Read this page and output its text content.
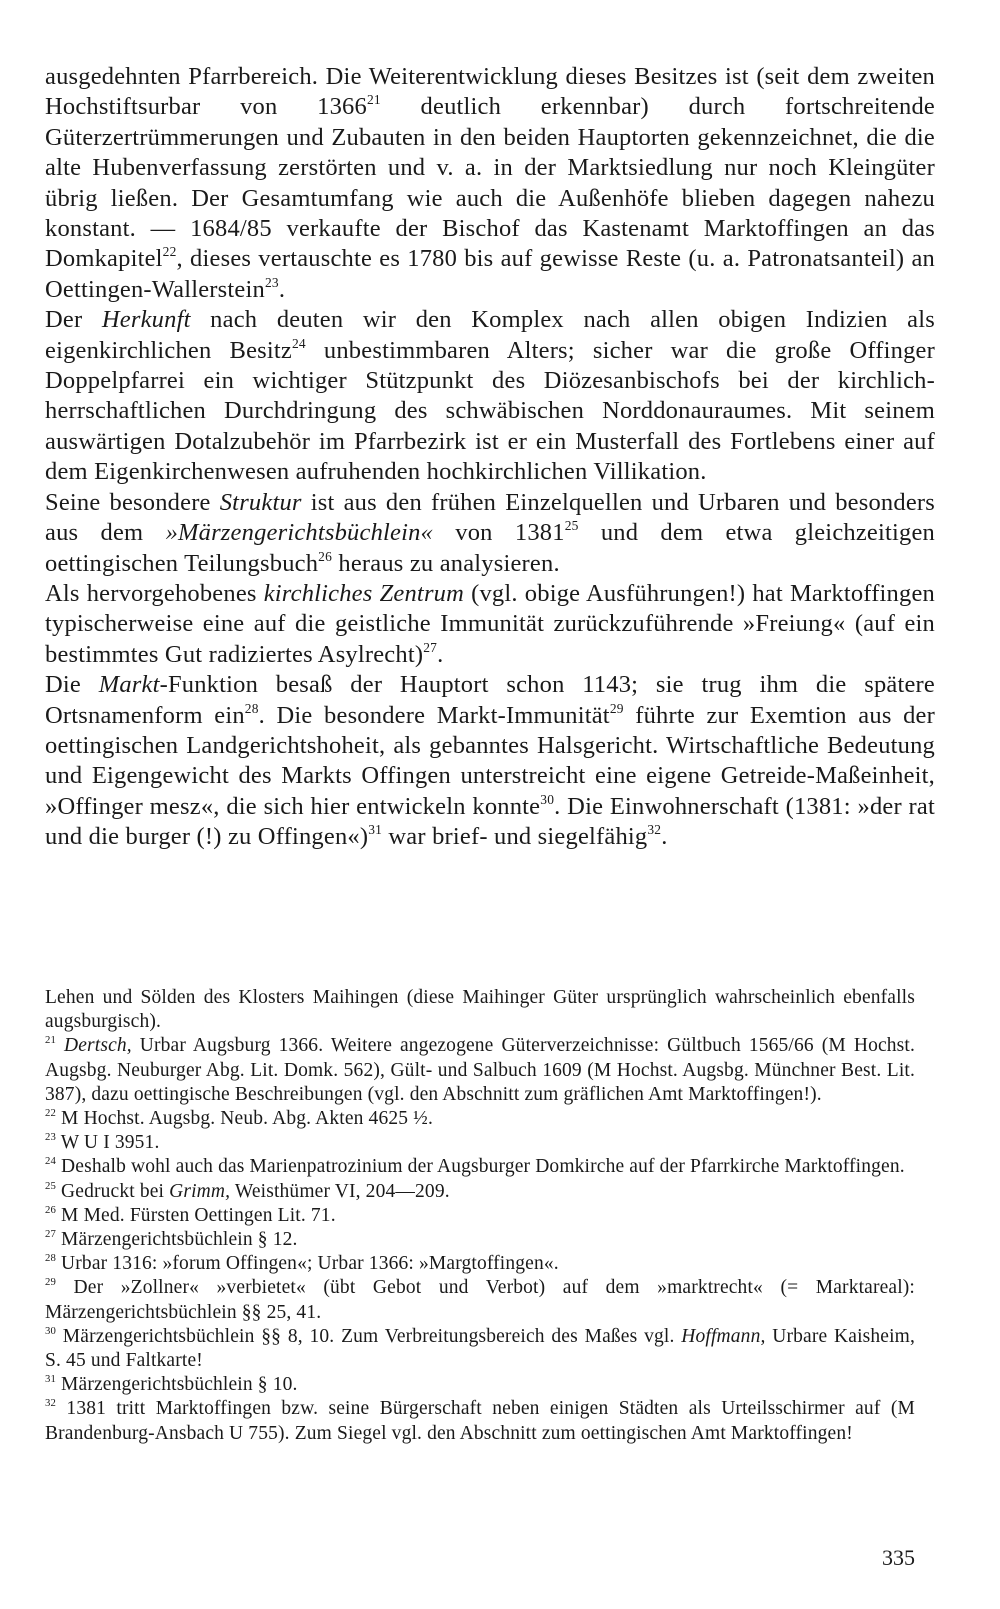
ausgedehnten Pfarrbereich. Die Weiterentwicklung dieses Besitzes ist (seit dem zweiten Hochstiftsurbar von 1366$^{21}$ deutlich erkennbar) durch fortschreitende Güterzertrümmerungen und Zubauten in den beiden Hauptorten gekennzeichnet, die die alte Hubenverfassung zerstörten und v. a. in der Marktsiedlung nur noch Kleingüter übrig ließen. Der Gesamtumfang wie auch die Außenhöfe blieben dagegen nahezu konstant. — 1684/85 verkaufte der Bischof das Kastenamt Marktoffingen an das Domkapitel$^{22}$, dieses vertauschte es 1780 bis auf gewisse Reste (u. a. Patronatsanteil) an Oettingen-Wallerstein$^{23}$.

Der Herkunft nach deuten wir den Komplex nach allen obigen Indizien als eigenkirchlichen Besitz$^{24}$ unbestimmbaren Alters; sicher war die große Offinger Doppelpfarrei ein wichtiger Stützpunkt des Diözesanbischofs bei der kirchlich-herrschaftlichen Durchdringung des schwäbischen Norddonauraumes. Mit seinem auswärtigen Dotalzubehör im Pfarrbezirk ist er ein Musterfall des Fortlebens einer auf dem Eigenkirchenwesen aufruhenden hochkirchlichen Villikation.

Seine besondere Struktur ist aus den frühen Einzelquellen und Urbaren und besonders aus dem »Märzengerichtsbüchlein« von 1381$^{25}$ und dem etwa gleichzeitigen oettingischen Teilungsbuch$^{26}$ heraus zu analysieren.

Als hervorgehobenes kirchliches Zentrum (vgl. obige Ausführungen!) hat Marktoffingen typischerweise eine auf die geistliche Immunität zurückzuführende »Freiung« (auf ein bestimmtes Gut radiziertes Asylrecht)$^{27}$.

Die Markt-Funktion besaß der Hauptort schon 1143; sie trug ihm die spätere Ortsnamenform ein$^{28}$. Die besondere Markt-Immunität$^{29}$ führte zur Exemtion aus der oettingischen Landgerichtshoheit, als gebanntes Halsgericht. Wirtschaftliche Bedeutung und Eigengewicht des Markts Offingen unterstreicht eine eigene Getreide-Maßeinheit, »Offinger mesz«, die sich hier entwickeln konnte$^{30}$. Die Einwohnerschaft (1381: »der rat und die burger (!) zu Offingen«)$^{31}$ war brief- und siegelfähig$^{32}$.

Lehen und Sölden des Klosters Maihingen (diese Maihinger Güter ursprünglich wahrscheinlich ebenfalls augsburgisch).

$^{21}$ Dertsch, Urbar Augsburg 1366. Weitere angezogene Güterverzeichnisse: Gültbuch 1565/66 (M Hochst. Augsbg. Neuburger Abg. Lit. Domk. 562), Gült- und Salbuch 1609 (M Hochst. Augsbg. Münchner Best. Lit. 387), dazu oettingische Beschreibungen (vgl. den Abschnitt zum gräflichen Amt Marktoffingen!).

$^{22}$ M Hochst. Augsbg. Neub. Abg. Akten 4625 ½.

$^{23}$ W U I 3951.

$^{24}$ Deshalb wohl auch das Marienpatrozinium der Augsburger Domkirche auf der Pfarrkirche Marktoffingen.

$^{25}$ Gedruckt bei Grimm, Weisthümer VI, 204—209.

$^{26}$ M Med. Fürsten Oettingen Lit. 71.

$^{27}$ Märzengerichtsbüchlein § 12.

$^{28}$ Urbar 1316: »forum Offingen«; Urbar 1366: »Margtoffingen«.

$^{29}$ Der »Zollner« »verbietet« (übt Gebot und Verbot) auf dem »marktrecht« (= Marktareal): Märzengerichtsbüchlein §§ 25, 41.

$^{30}$ Märzengerichtsbüchlein §§ 8, 10. Zum Verbreitungsbereich des Maßes vgl. Hoffmann, Urbare Kaisheim, S. 45 und Faltkarte!

$^{31}$ Märzengerichtsbüchlein § 10.

$^{32}$ 1381 tritt Marktoffingen bzw. seine Bürgerschaft neben einigen Städten als Urteilsschirmer auf (M Brandenburg-Ansbach U 755). Zum Siegel vgl. den Abschnitt zum oettingischen Amt Marktoffingen!

335
